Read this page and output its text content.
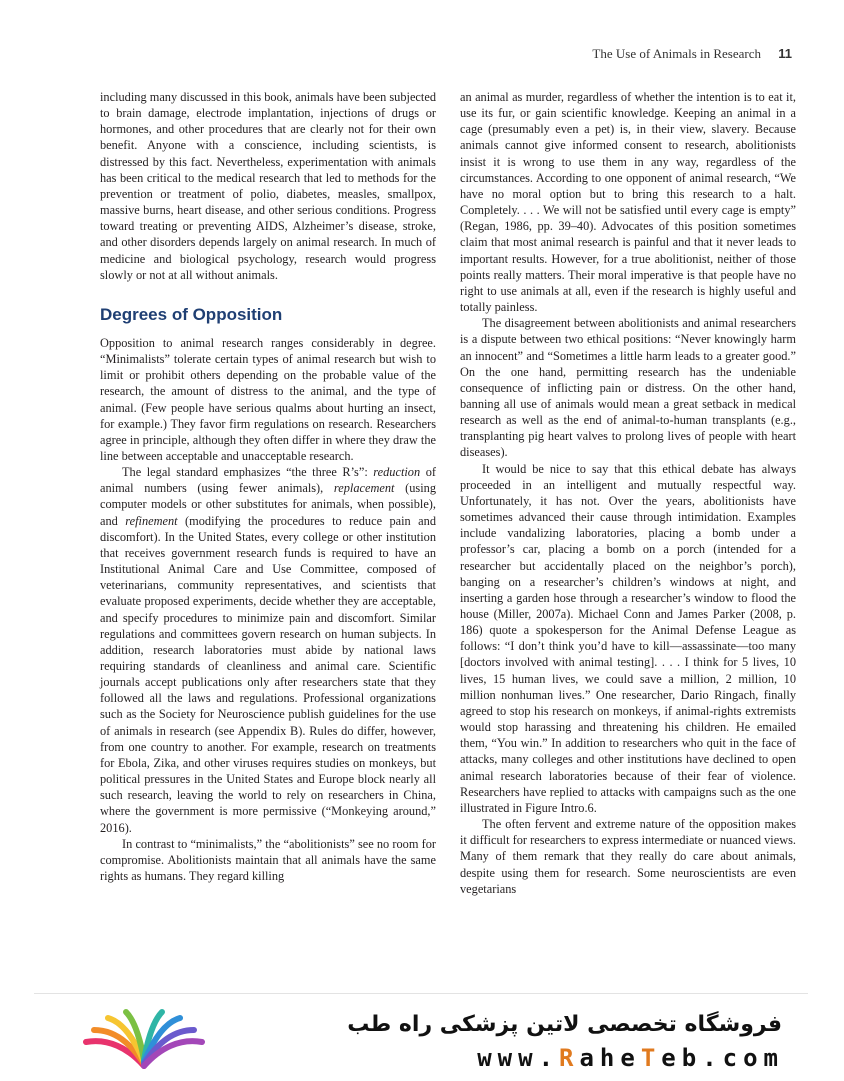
The Use of Animals in Research 11

including many discussed in this book, animals have been subjected to brain damage, electrode implantation, injections of drugs or hormones, and other procedures that are clearly not for their own benefit. Anyone with a conscience, including scientists, is distressed by this fact. Nevertheless, experimentation with animals has been critical to the medical research that led to methods for the prevention or treatment of polio, diabetes, measles, smallpox, massive burns, heart disease, and other serious conditions. Progress toward treating or preventing AIDS, Alzheimer’s disease, stroke, and other disorders depends largely on animal research. In much of medicine and biological psychology, research would progress slowly or not at all without animals.

Degrees of Opposition

Opposition to animal research ranges considerably in degree. “Minimalists” tolerate certain types of animal research but wish to limit or prohibit others depending on the probable value of the research, the amount of distress to the animal, and the type of animal. (Few people have serious qualms about hurting an insect, for example.) They favor firm regulations on research. Researchers agree in principle, although they often differ in where they draw the line between acceptable and unacceptable research.

The legal standard emphasizes “the three R’s”: reduction of animal numbers (using fewer animals), replacement (using computer models or other substitutes for animals, when possible), and refinement (modifying the procedures to reduce pain and discomfort). In the United States, every college or other institution that receives government research funds is required to have an Institutional Animal Care and Use Committee, composed of veterinarians, community representatives, and scientists that evaluate proposed experiments, decide whether they are acceptable, and specify procedures to minimize pain and discomfort. Similar regulations and committees govern research on human subjects. In addition, research laboratories must abide by national laws requiring standards of cleanliness and animal care. Scientific journals accept publications only after researchers state that they followed all the laws and regulations. Professional organizations such as the Society for Neuroscience publish guidelines for the use of animals in research (see Appendix B). Rules do differ, however, from one country to another. For example, research on treatments for Ebola, Zika, and other viruses requires studies on monkeys, but political pressures in the United States and Europe block nearly all such research, leaving the world to rely on researchers in China, where the government is more permissive (“Monkeying around,” 2016).

In contrast to “minimalists,” the “abolitionists” see no room for compromise. Abolitionists maintain that all animals have the same rights as humans. They regard killing

an animal as murder, regardless of whether the intention is to eat it, use its fur, or gain scientific knowledge. Keeping an animal in a cage (presumably even a pet) is, in their view, slavery. Because animals cannot give informed consent to research, abolitionists insist it is wrong to use them in any way, regardless of the circumstances. According to one opponent of animal research, “We have no moral option but to bring this research to a halt. Completely. . . . We will not be satisfied until every cage is empty” (Regan, 1986, pp. 39–40). Advocates of this position sometimes claim that most animal research is painful and that it never leads to important results. However, for a true abolitionist, neither of those points really matters. Their moral imperative is that people have no right to use animals at all, even if the research is highly useful and totally painless.

The disagreement between abolitionists and animal researchers is a dispute between two ethical positions: “Never knowingly harm an innocent” and “Sometimes a little harm leads to a greater good.” On the one hand, permitting research has the undeniable consequence of inflicting pain or distress. On the other hand, banning all use of animals would mean a great setback in medical research as well as the end of animal-to-human transplants (e.g., transplanting pig heart valves to prolong lives of people with heart diseases).

It would be nice to say that this ethical debate has always proceeded in an intelligent and mutually respectful way. Unfortunately, it has not. Over the years, abolitionists have sometimes advanced their cause through intimidation. Examples include vandalizing laboratories, placing a bomb under a professor’s car, placing a bomb on a porch (intended for a researcher but accidentally placed on the neighbor’s porch), banging on a researcher’s children’s windows at night, and inserting a garden hose through a researcher’s window to flood the house (Miller, 2007a). Michael Conn and James Parker (2008, p. 186) quote a spokesperson for the Animal Defense League as follows: “I don’t think you’d have to kill—assassinate—too many [doctors involved with animal testing]. . . . I think for 5 lives, 10 lives, 15 human lives, we could save a million, 2 million, 10 million nonhuman lives.” One researcher, Dario Ringach, finally agreed to stop his research on monkeys, if animal-rights extremists would stop harassing and threatening his children. He emailed them, “You win.” In addition to researchers who quit in the face of attacks, many colleges and other institutions have declined to open animal research laboratories because of their fear of violence. Researchers have replied to attacks with campaigns such as the one illustrated in Figure Intro.6.

The often fervent and extreme nature of the opposition makes it difficult for researchers to express intermediate or nuanced views. Many of them remark that they really do care about animals, despite using them for research. Some neuroscientists are even vegetarians

فروشگاه تخصصی لاتین پزشکی راه طب
www.RaheTeb.com
